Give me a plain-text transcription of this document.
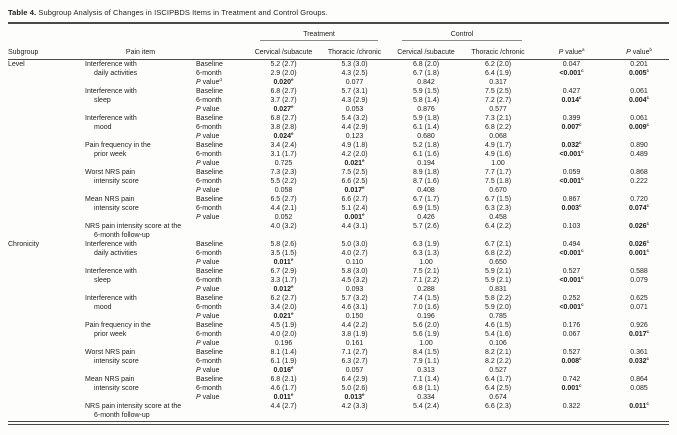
Table 4. Subgroup Analysis of Changes in ISCIPBDS Items in Treatment and Control Groups.

			Treatment		Control			

Subgroup	Pain item		Cervical /subacute	Thoracic /chronic	Cervical /subacute	Thoracic /chronic	P value$^a$	P value$^b$
Level	Interference with	Baseline	5.2 (2.7)	5.3 (3.0)	6.8 (2.0)	6.2 (2.0)	0.047	0.201
	daily activities	6-month	2.9 (2.0)	4.3 (2.5)	6.7 (1.8)	6.4 (1.9)	<0.001$^c$	0.005$^c$
		P value$^d$	0.020e	0.077	0.842	0.317		
	Interference with	Baseline	6.8 (2.7)	5.7 (3.1)	5.9 (1.5)	7.5 (2.5)	0.427	0.061
	sleep	6-month	3.7 (2.7)	4.3 (2.9)	5.8 (1.4)	7.2 (2.7)	0.014$^c$	0.004$^c$
		P value	0.027e	0.053	0.876	0.577		
	Interference with	Baseline	6.8 (2.7)	5.4 (3.2)	5.9 (1.8)	7.3 (2.1)	0.399	0.061
	mood	6-month	3.8 (2.8)	4.4 (2.9)	6.1 (1.4)	6.8 (2.2)	0.007$^c$	0.009$^c$
		P value	0.024e	0.123	0.680	0.068		
	Pain frequency in the	Baseline	3.4 (2.4)	4.9 (1.8)	5.2 (1.8)	4.9 (1.7)	0.032$^c$	0.890
	prior week	6-month	3.1 (1.7)	4.2 (2.0)	6.1 (1.6)	4.9 (1.6)	<0.001$^c$	0.489
		P value	0.725	0.021e	0.194	1.00		
	Worst NRS pain	Baseline	7.3 (2.3)	7.5 (2.5)	8.9 (1.8)	7.7 (1.7)	0.059	0.868
	intensity score	6-month	5.5 (2.2)	6.6 (2.5)	8.7 (1.6)	7.5 (1.8)	<0.001$^c$	0.222
		P value	0.058	0.017e	0.408	0.670		
	Mean NRS pain	Baseline	6.5 (2.7)	6.6 (2.7)	6.7 (1.7)	6.7 (1.5)	0.867	0.720
	intensity score	6-month	4.4 (2.1)	5.1 (2.4)	6.9 (1.5)	6.3 (2.3)	0.003$^c$	0.074$^c$
		P value	0.052	0.001e	0.426	0.458		
	NRS pain intensity score at the		4.0 (3.2)	4.4 (3.1)	5.7 (2.6)	6.4 (2.2)	0.103	0.026$^c$
	6-month follow-up							
Chronicity	Interference with	Baseline	5.8 (2.6)	5.0 (3.0)	6.3 (1.9)	6.7 (2.1)	0.494	0.026$^c$
	daily activities	6-month	3.5 (1.5)	4.0 (2.7)	6.3 (1.3)	6.8 (2.2)	<0.001$^c$	0.001$^c$
		P value	0.011e	0.110	1.00	0.650		
	Interference with	Baseline	6.7 (2.9)	5.8 (3.0)	7.5 (2.1)	5.9 (2.1)	0.527	0.588
	sleep	6-month	3.3 (1.7)	4.5 (3.2)	7.1 (2.2)	5.9 (2.1)	<0.001$^c$	0.079
		P value	0.012e	0.093	0.288	0.831		
	Interference with	Baseline	6.2 (2.7)	5.7 (3.2)	7.4 (1.5)	5.8 (2.2)	0.252	0.625
	mood	6-month	3.4 (2.0)	4.6 (3.1)	7.0 (1.6)	5.9 (2.0)	<0.001$^c$	0.071
		P value	0.021e	0.150	0.196	0.785		
	Pain frequency in the	Baseline	4.5 (1.9)	4.4 (2.2)	5.6 (2.0)	4.6 (1.5)	0.176	0.926
	prior week	6-month	4.0 (2.0)	3.8 (1.9)	5.6 (1.9)	5.4 (1.6)	0.067	0.017$^c$
		P value	0.196	0.161	1.00	0.106		
	Worst NRS pain	Baseline	8.1 (1.4)	7.1 (2.7)	8.4 (1.5)	8.2 (2.1)	0.527	0.361
	intensity score	6-month	6.1 (1.9)	6.3 (2.7)	7.9 (1.1)	8.2 (2.2)	0.008$^c$	0.032$^c$
		P value	0.016e	0.057	0.313	0.527		
	Mean NRS pain	Baseline	6.8 (2.1)	6.4 (2.9)	7.1 (1.4)	6.4 (1.7)	0.742	0.864
	intensity score	6-month	4.6 (1.7)	5.0 (2.6)	6.8 (1.1)	6.4 (2.5)	0.001$^c$	0.085
		P value	0.011e	0.013e	0.334	0.674		
	NRS pain intensity score at the		4.4 (2.7)	4.2 (3.3)	5.4 (2.4)	6.6 (2.3)	0.322	0.011$^c$
	6-month follow-up							
